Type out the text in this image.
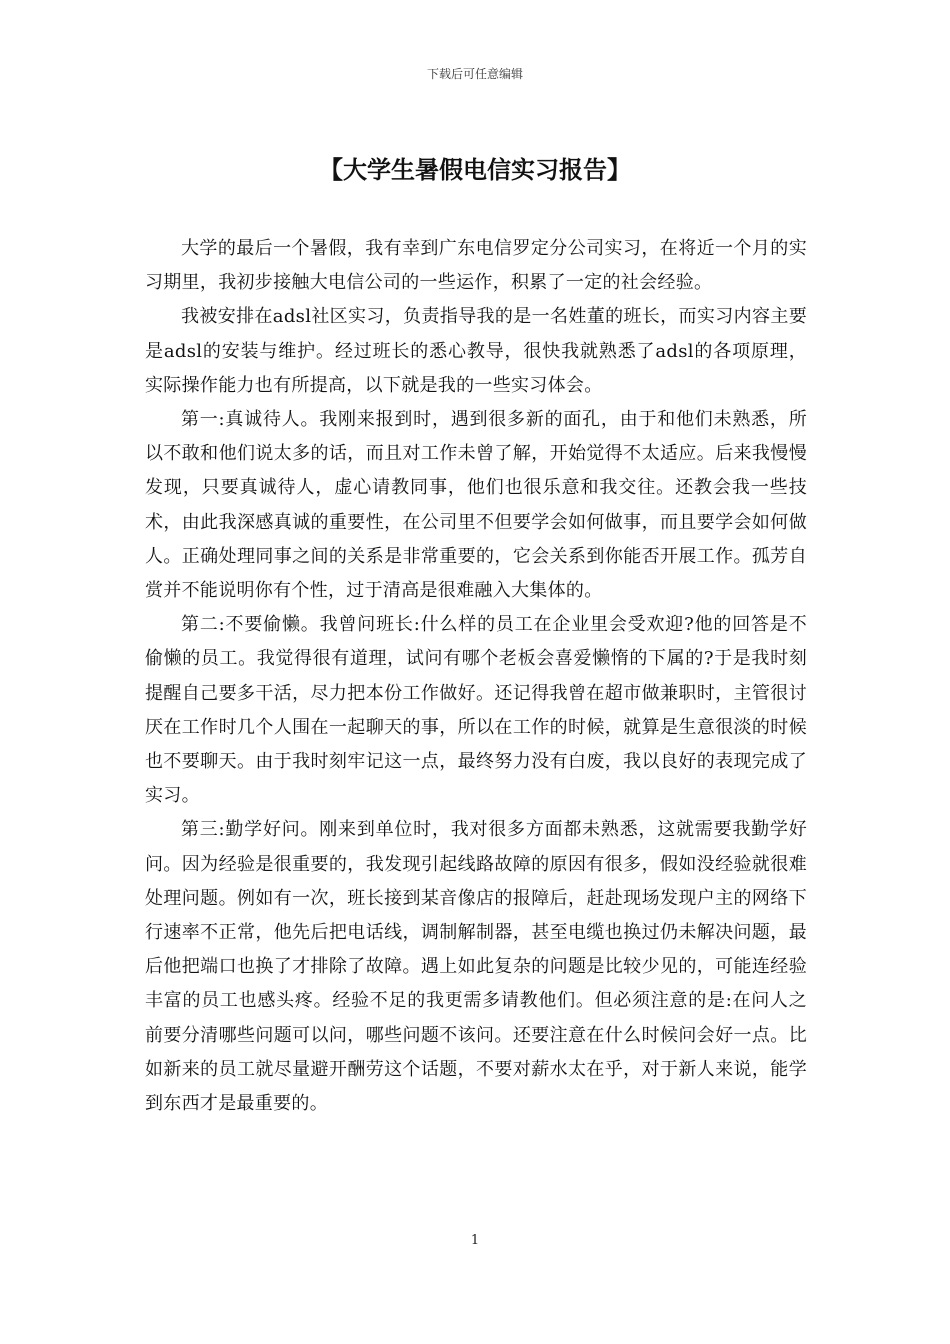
下载后可任意编辑
【大学生暑假电信实习报告】

大学的最后一个暑假，我有幸到广东电信罗定分公司实习，在将近一个月的实习期里，我初步接触大电信公司的一些运作，积累了一定的社会经验。

我被安排在adsl社区实习，负责指导我的是一名姓董的班长，而实习内容主要是adsl的安装与维护。经过班长的悉心教导，很快我就熟悉了adsl的各项原理，实际操作能力也有所提高，以下就是我的一些实习体会。

第一:真诚待人。我刚来报到时，遇到很多新的面孔，由于和他们未熟悉，所以不敢和他们说太多的话，而且对工作未曾了解，开始觉得不太适应。后来我慢慢发现，只要真诚待人，虚心请教同事，他们也很乐意和我交往。还教会我一些技术，由此我深感真诚的重要性，在公司里不但要学会如何做事，而且要学会如何做人。正确处理同事之间的关系是非常重要的，它会关系到你能否开展工作。孤芳自赏并不能说明你有个性，过于清高是很难融入大集体的。

第二:不要偷懒。我曾问班长:什么样的员工在企业里会受欢迎?他的回答是不偷懒的员工。我觉得很有道理，试问有哪个老板会喜爱懒惰的下属的?于是我时刻提醒自己要多干活，尽力把本份工作做好。还记得我曾在超市做兼职时，主管很讨厌在工作时几个人围在一起聊天的事，所以在工作的时候，就算是生意很淡的时候也不要聊天。由于我时刻牢记这一点，最终努力没有白废，我以良好的表现完成了实习。

第三:勤学好问。刚来到单位时，我对很多方面都未熟悉，这就需要我勤学好问。因为经验是很重要的，我发现引起线路故障的原因有很多，假如没经验就很难处理问题。例如有一次，班长接到某音像店的报障后，赶赴现场发现户主的网络下行速率不正常，他先后把电话线，调制解制器，甚至电缆也换过仍未解决问题，最后他把端口也换了才排除了故障。遇上如此复杂的问题是比较少见的，可能连经验丰富的员工也感头疼。经验不足的我更需多请教他们。但必须注意的是:在问人之前要分清哪些问题可以问，哪些问题不该问。还要注意在什么时候问会好一点。比如新来的员工就尽量避开酬劳这个话题，不要对薪水太在乎，对于新人来说，能学到东西才是最重要的。

1
